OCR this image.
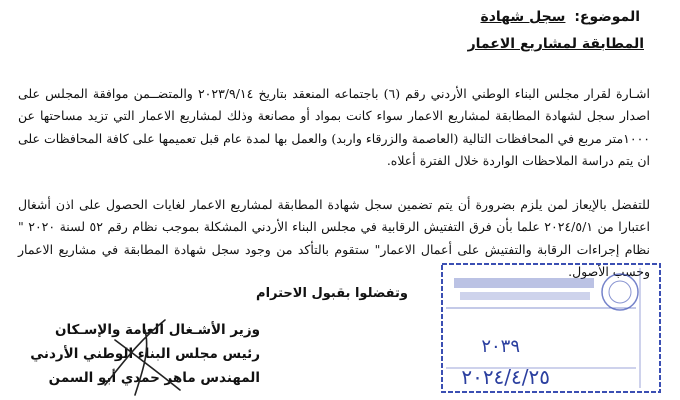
الموضوع: سجل شهادة
المطابقة لمشاريع الاعمار

اشـارة لقرار مجلس البناء الوطني الأردني رقم (٦) باجتماعه المنعقد بتاريخ ٢٠٢٣/٩/١٤ والمتضــمن موافقة المجلس على اصدار سجل لشهادة المطابقة لمشاريع الاعمار سواء كانت بمواد أو مصانعة وذلك لمشاريع الاعمار التي تزيد مساحتها عن ١٠٠٠متر مربع في المحافظات التالية (العاصمة والزرقاء واربد) والعمل بها لمدة عام قبل تعميمها على كافة المحافظات على ان يتم دراسة الملاحظات الواردة خلال الفترة أعلاه.

للتفضل بالإيعاز لمن يلزم بضرورة أن يتم تضمين سجل شهادة المطابقة لمشاريع الاعمار لغايات الحصول على اذن أشغال اعتبارا من ٢٠٢٤/٥/١ علما بأن فرق التفتيش الرقابية في مجلس البناء الأردني المشكلة بموجب نظام رقم ٥٢ لسنة ٢٠٢٠ " نظام إجراءات الرقابة والتفتيش على أعمال الاعمار" ستقوم بالتأكد من وجود سجل شهادة المطابقة في مشاريع الاعمار وحسب الأصول.

وتفضلوا بقبول الاحترام
وزير الأشـغال العامة والإسـكان
رئيس مجلس البناء الوطني الأردني
المهندس ماهر حمدي أبو السمن
٢٠٣٩
٢٠٢٤/٤/٢٥
